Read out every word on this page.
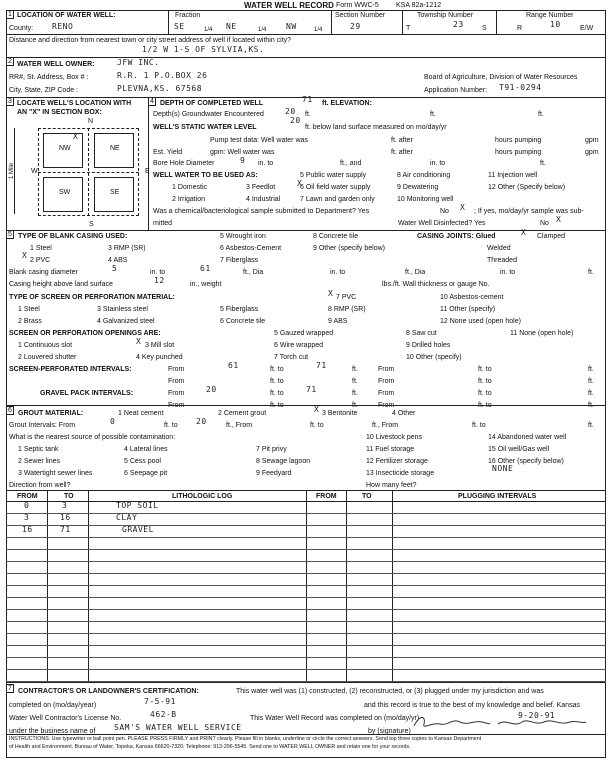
WATER WELL RECORD Form WWC-5 KSA 82a-1212
1 LOCATION OF WATER WELL:
County: RENO
Fraction
SE	1/4 NE	1/4 NW	1/4
Section Number
29
Township Number
T	23	S
Range Number
R	10	E/W
Distance and direction from nearest town or city street address of well if located within city?
1/2 W 1-S OF SYLVIA,KS.
2 WATER WELL OWNER:	JFW INC.
RR#, St. Address, Box # :	R.R. 1 P.O.BOX 26
City, State, ZIP Code :	PLEVNA,KS. 67568
Board of Agriculture, Division of Water Resources
Application Number: T91-0294
3 LOCATE WELL'S LOCATION WITH
AN "X" IN SECTION BOX:
N
S
W	E
1 Mile
NW	NE
SW	SE
X
4 DEPTH OF COMPLETED WELL	71 ft. ELEVATION:
Depth(s) Groundwater Encountered	20 ft.	ft.	ft.
WELL'S STATIC WATER LEVEL
20
ft. below land surface measured on mo/day/yr
Pump test data: Well water was	ft. after	hours pumping	gpm
Est. Yield	gpm: Well water was	ft. after	hours pumping	gpm
Bore Hole Diameter	9 in. to	ft., and	in. to	ft.
WELL WATER TO BE USED AS:	5 Public water supply	8 Air conditioning	11 Injection well
1 Domestic	3 Feedlot	6 Oil field water supply
X	9 Dewatering	12 Other (Specify below)
2 Irrigation	4 Industrial	7 Lawn and garden only	10 Monitoring well
Was a chemical/bacteriological sample submitted to Department? Yes	No X ; If yes, mo/day/yr sample was sub-
mitted	Water Well Disinfected? Yes	No X
5 TYPE OF BLANK CASING USED:	5 Wrought iron	8 Concrete tile	CASING JOINTS: Glued	X Clamped
1 Steel	3 RMP (SR)	6 Asbestos-Cement	9 Other (specify below)	Welded
X
2 PVC	4 ABS	7 Fiberglass	Threaded
Blank casing diameter	5	in. to	61	ft., Dia	in. to	ft., Dia	in. to	ft.
Casing height above land surface	12	in., weight	lbs./ft. Wall thickness or gauge No.
TYPE OF SCREEN OR PERFORATION MATERIAL:	X 7 PVC	10 Asbestos-cement
1 Steel	3 Stainless steel	5 Fiberglass	8 RMP (SR)	11 Other (specify)
2 Brass	4 Galvanized steel	6 Concrete tile	9 ABS	12 None used (open hole)
SCREEN OR PERFORATION OPENINGS ARE:	5 Gauzed wrapped	8 Saw cut	11 None (open hole)
1 Continuous slot	X 3 Mill slot	6 Wire wrapped	9 Drilled holes
2 Louvered shutter	4 Key punched	7 Torch cut	10 Other (specify)
SCREEN-PERFORATED INTERVALS:	From	61	ft. to	71	ft.	From	ft. to	ft.
From	ft. to	ft.	From	ft. to	ft.
GRAVEL PACK INTERVALS:	From	20	ft. to	71	ft.	From	ft. to	ft.
From	ft. to	ft.	From	ft. to	ft.
6 GROUT MATERIAL:	1 Neat cement	2 Cement grout	X 3 Bentonite	4 Other
Grout Intervals: From	0	ft. to 20	ft., From	ft. to	ft., From	ft. to	ft.
What is the nearest source of possible contamination:	10 Livestock pens	14 Abandoned water well
1 Septic tank	4 Lateral lines	7 Pit privy	11 Fuel storage	15 Oil well/Gas well
2 Sewer lines	5 Cess pool	8 Sewage lagoon	12 Fertilizer storage	16 Other (specify below)
3 Watertight sewer lines	6 Seepage pit	9 Feedyard	13 Insecticide storage
NONE
Direction from well?	How many feet?
FROM	TO	LITHOLOGIC LOG	FROM	TO	PLUGGING INTERVALS
0	3	TOP SOIL
3	16	CLAY
16	71	GRAVEL
7 CONTRACTOR'S OR LANDOWNER'S CERTIFICATION:	This water well was (1) constructed, (2) reconstructed, or (3) plugged under my jurisdiction and was
completed on (mo/day/year)	7-5-91	and this record is true to the best of my knowledge and belief. Kansas
Water Well Contractor's License No.	462-B	This Water Well Record was completed on (mo/day/yr)	9-20-91
under the business name of SAM'S WATER WELL SERVICE	by (signature)
INSTRUCTIONS: Use typewriter or ball point pen. PLEASE PRESS FIRMLY and PRINT clearly. Please fill in blanks, underline or circle the correct answers. Send top three copies to Kansas Department
of Health and Environment, Bureau of Water, Topeka, Kansas 66620-7320. Telephone: 913-296-5545. Send one to WATER WELL OWNER and retain one for your records.
